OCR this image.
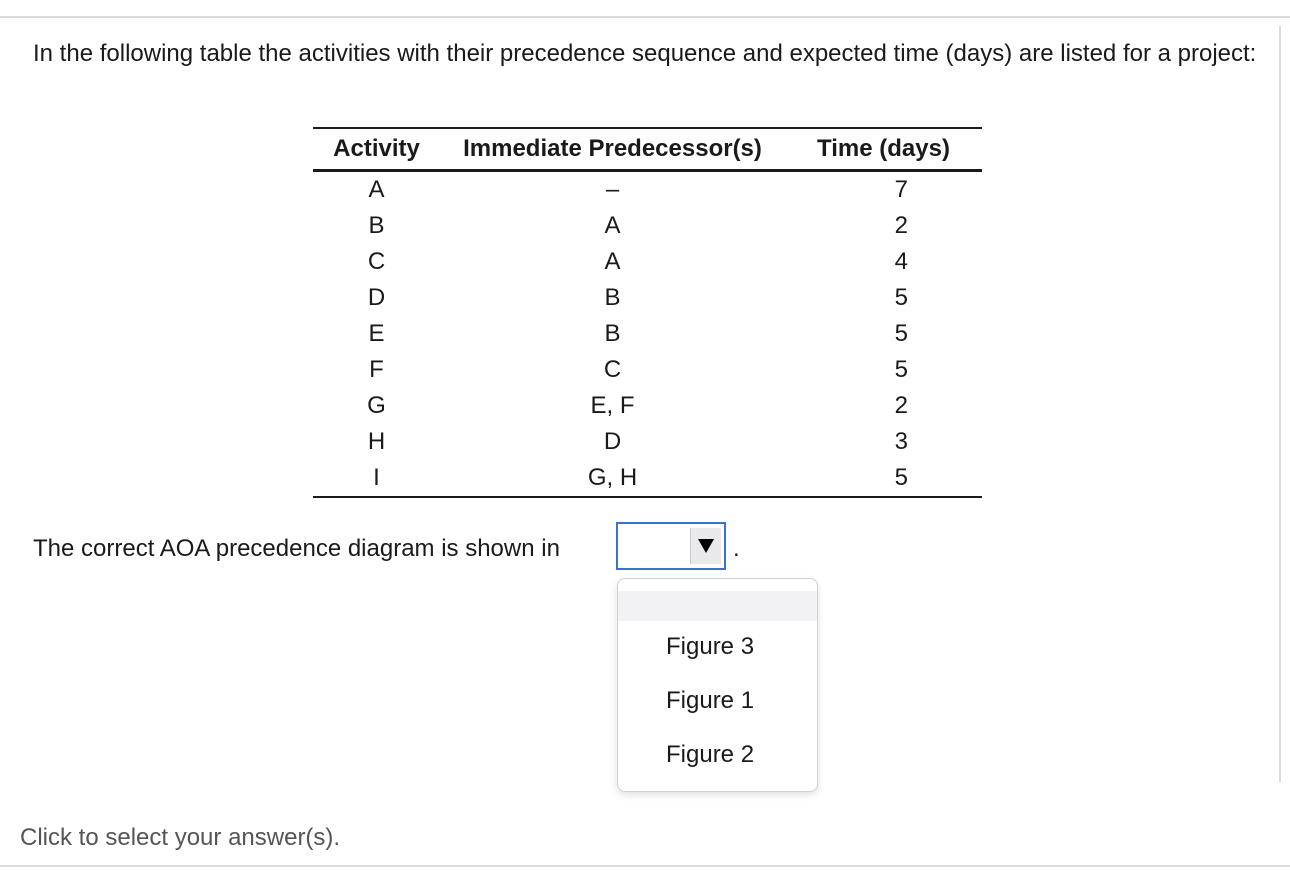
In the following table the activities with their precedence sequence and expected time (days) are listed for a project:

Activity	Immediate Predecessor(s)	Time (days)
A	–	7
B	A	2
C	A	4
D	B	5
E	B	5
F	C	5
G	E, F	2
H	D	3
I	G, H	5
The correct AOA precedence diagram is shown in	.
Figure 3
Figure 1
Figure 2
Click to select your answer(s).
